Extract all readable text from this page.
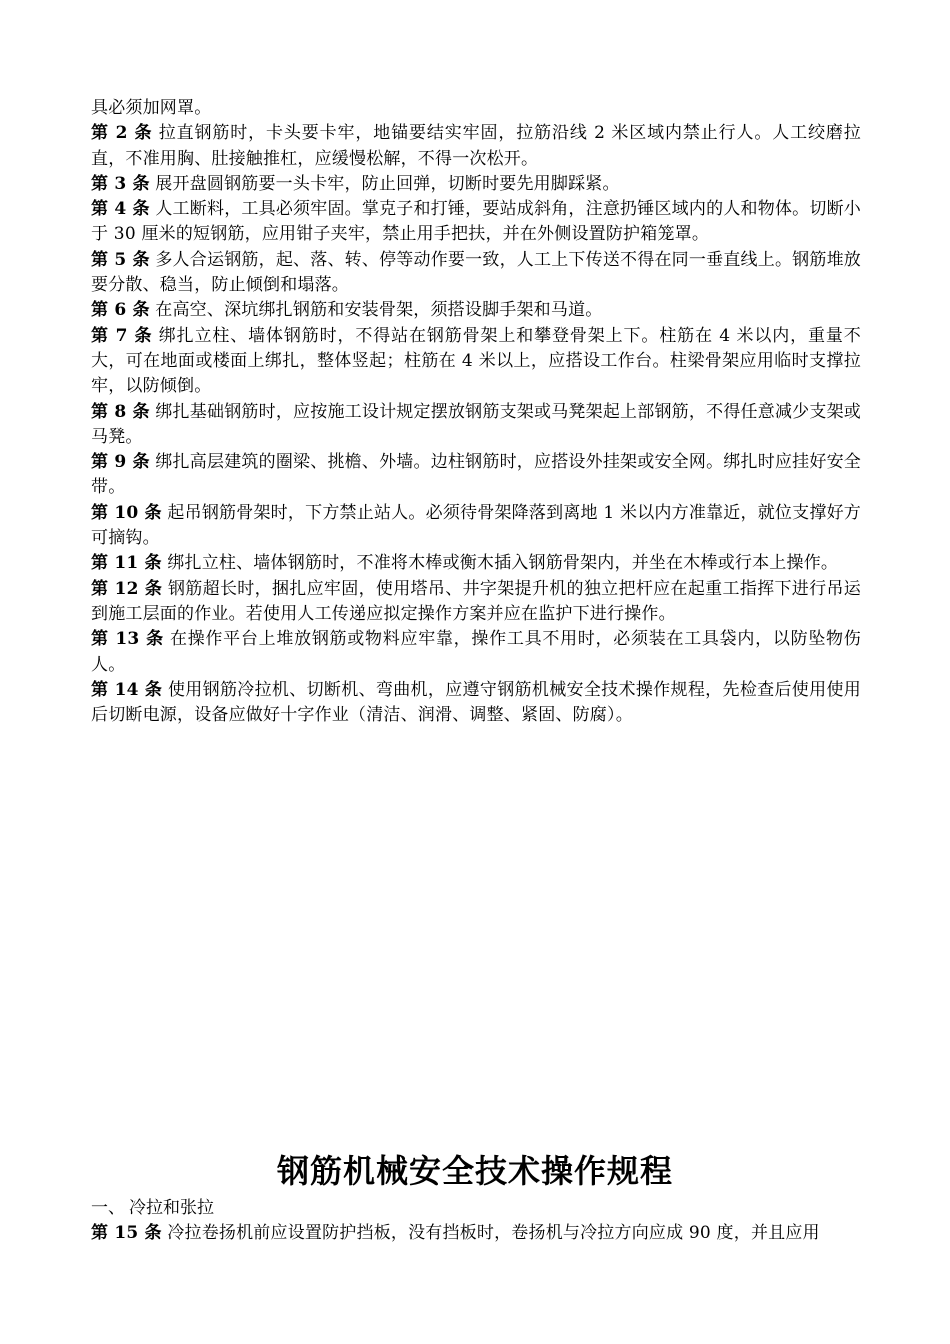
具必须加网罩。

第 2 条 拉直钢筋时，卡头要卡牢，地锚要结实牢固，拉筋沿线 2 米区域内禁止行人。人工绞磨拉直，不准用胸、肚接触推杠，应缓慢松解，不得一次松开。

第 3 条 展开盘圆钢筋要一头卡牢，防止回弹，切断时要先用脚踩紧。

第 4 条 人工断料，工具必须牢固。掌克子和打锤，要站成斜角，注意扔锤区域内的人和物体。切断小于 30 厘米的短钢筋，应用钳子夹牢，禁止用手把扶，并在外侧设置防护箱笼罩。

第 5 条 多人合运钢筋，起、落、转、停等动作要一致，人工上下传送不得在同一垂直线上。钢筋堆放要分散、稳当，防止倾倒和塌落。

第 6 条 在高空、深坑绑扎钢筋和安装骨架，须搭设脚手架和马道。

第 7 条 绑扎立柱、墙体钢筋时，不得站在钢筋骨架上和攀登骨架上下。柱筋在 4 米以内，重量不大，可在地面或楼面上绑扎，整体竖起；柱筋在 4 米以上，应搭设工作台。柱梁骨架应用临时支撑拉牢，以防倾倒。

第 8 条 绑扎基础钢筋时，应按施工设计规定摆放钢筋支架或马凳架起上部钢筋，不得任意减少支架或马凳。

第 9 条 绑扎高层建筑的圈梁、挑檐、外墙。边柱钢筋时，应搭设外挂架或安全网。绑扎时应挂好安全带。

第 10 条 起吊钢筋骨架时，下方禁止站人。必须待骨架降落到离地 1 米以内方准靠近，就位支撑好方可摘钩。

第 11 条 绑扎立柱、墙体钢筋时，不准将木棒或衡木插入钢筋骨架内，并坐在木棒或行本上操作。

第 12 条 钢筋超长时，捆扎应牢固，使用塔吊、井字架提升机的独立把杆应在起重工指挥下进行吊运到施工层面的作业。若使用人工传递应拟定操作方案并应在监护下进行操作。

第 13 条 在操作平台上堆放钢筋或物料应牢靠，操作工具不用时，必须装在工具袋内，以防坠物伤人。

第 14 条 使用钢筋冷拉机、切断机、弯曲机，应遵守钢筋机械安全技术操作规程，先检查后使用使用后切断电源，设备应做好十字作业（清洁、润滑、调整、紧固、防腐）。

钢筋机械安全技术操作规程

一、 冷拉和张拉

第 15 条 冷拉卷扬机前应设置防护挡板，没有挡板时，卷扬机与冷拉方向应成 90 度，并且应用
